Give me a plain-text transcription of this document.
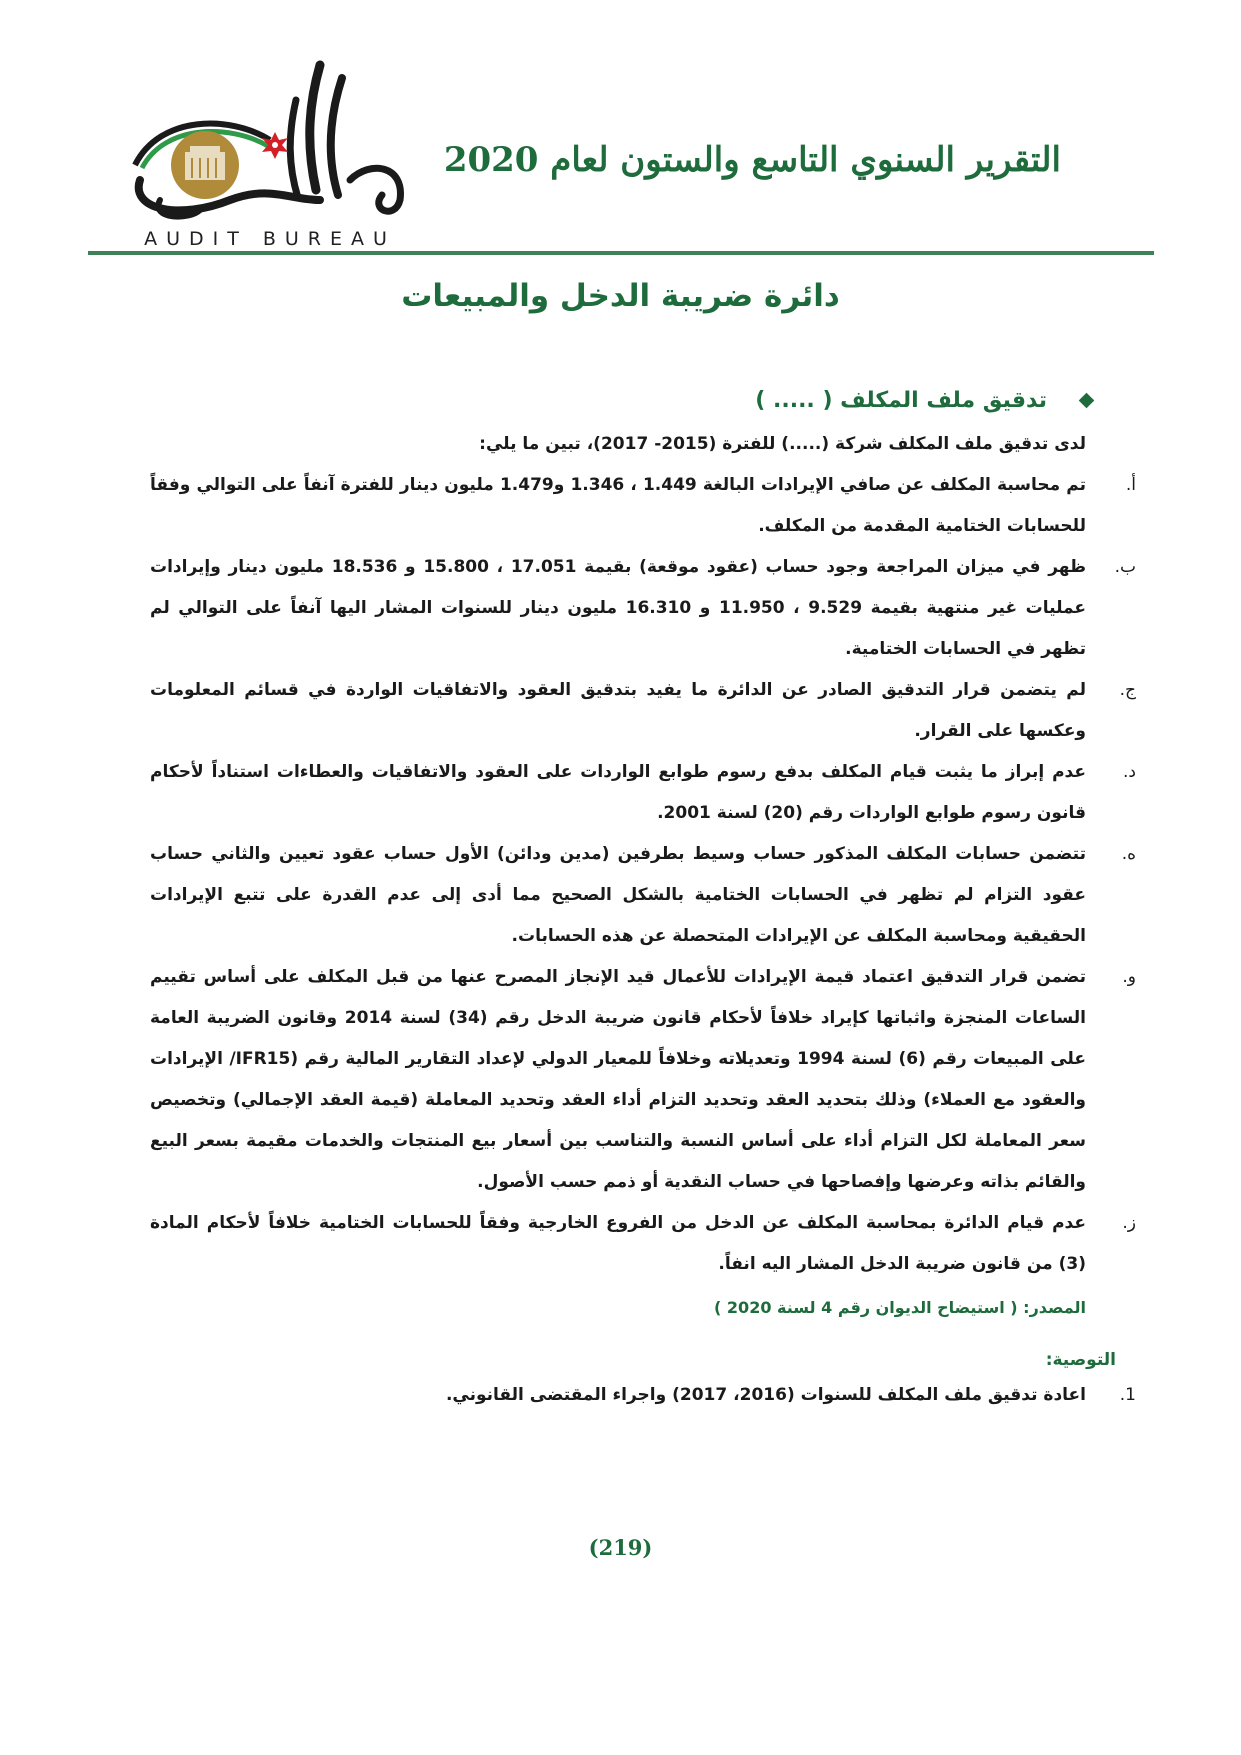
AUDIT BUREAU
التقرير السنوي التاسع والستون لعام 2020
دائرة ضريبة الدخل والمبيعات
تدقيق ملف المكلف ( ..... )
لدى تدقيق ملف المكلف شركة (.....) للفترة (2015- 2017)، تبين ما يلي:
أ.
تم محاسبة المكلف عن صافي الإيرادات البالغة 1.449 ، 1.346 و1.479 مليون دينار للفترة آنفاً على التوالي وفقاً للحسابات الختامية المقدمة من المكلف.
ب.
ظهر في ميزان المراجعة وجود حساب (عقود موقعة) بقيمة 17.051 ، 15.800 و 18.536 مليون دينار وإيرادات عمليات غير منتهية بقيمة 9.529 ، 11.950 و 16.310 مليون دينار للسنوات المشار اليها آنفاً على التوالي لم تظهر في الحسابات الختامية.
ج.
لم يتضمن قرار التدقيق الصادر عن الدائرة ما يفيد بتدقيق العقود والاتفاقيات الواردة في قسائم المعلومات وعكسها على القرار.
د.
عدم إبراز ما يثبت قيام المكلف بدفع رسوم طوابع الواردات على العقود والاتفاقيات والعطاءات استناداً لأحكام قانون رسوم طوابع الواردات رقم (20) لسنة 2001.
ه.
تتضمن حسابات المكلف المذكور حساب وسيط بطرفين (مدين ودائن) الأول حساب عقود تعيين والثاني حساب عقود التزام لم تظهر في الحسابات الختامية بالشكل الصحيح مما أدى إلى عدم القدرة على تتبع الإيرادات الحقيقية ومحاسبة المكلف عن الإيرادات المتحصلة عن هذه الحسابات.
و.
تضمن قرار التدقيق اعتماد قيمة الإيرادات للأعمال قيد الإنجاز المصرح عنها من قبل المكلف على أساس تقييم الساعات المنجزة واثباتها كإيراد خلافاً لأحكام قانون ضريبة الدخل رقم (34) لسنة 2014 وقانون الضريبة العامة على المبيعات رقم (6) لسنة 1994 وتعديلاته وخلافاً للمعيار الدولي لإعداد التقارير المالية رقم (IFR15/ الإيرادات والعقود مع العملاء) وذلك بتحديد العقد وتحديد التزام أداء العقد وتحديد المعاملة (قيمة العقد الإجمالي) وتخصيص سعر المعاملة لكل التزام أداء على أساس النسبة والتناسب بين أسعار بيع المنتجات والخدمات مقيمة بسعر البيع والقائم بذاته وعرضها وإفصاحها في حساب النقدية أو ذمم حسب الأصول.
ز.
عدم قيام الدائرة بمحاسبة المكلف عن الدخل من الفروع الخارجية وفقاً للحسابات الختامية خلافاً لأحكام المادة (3) من قانون ضريبة الدخل المشار اليه انفاً.
المصدر: ( استيضاح الديوان رقم 4 لسنة 2020 )
التوصية:
1.
اعادة تدقيق ملف المكلف للسنوات (2016، 2017) واجراء المقتضى القانوني.
(219)
